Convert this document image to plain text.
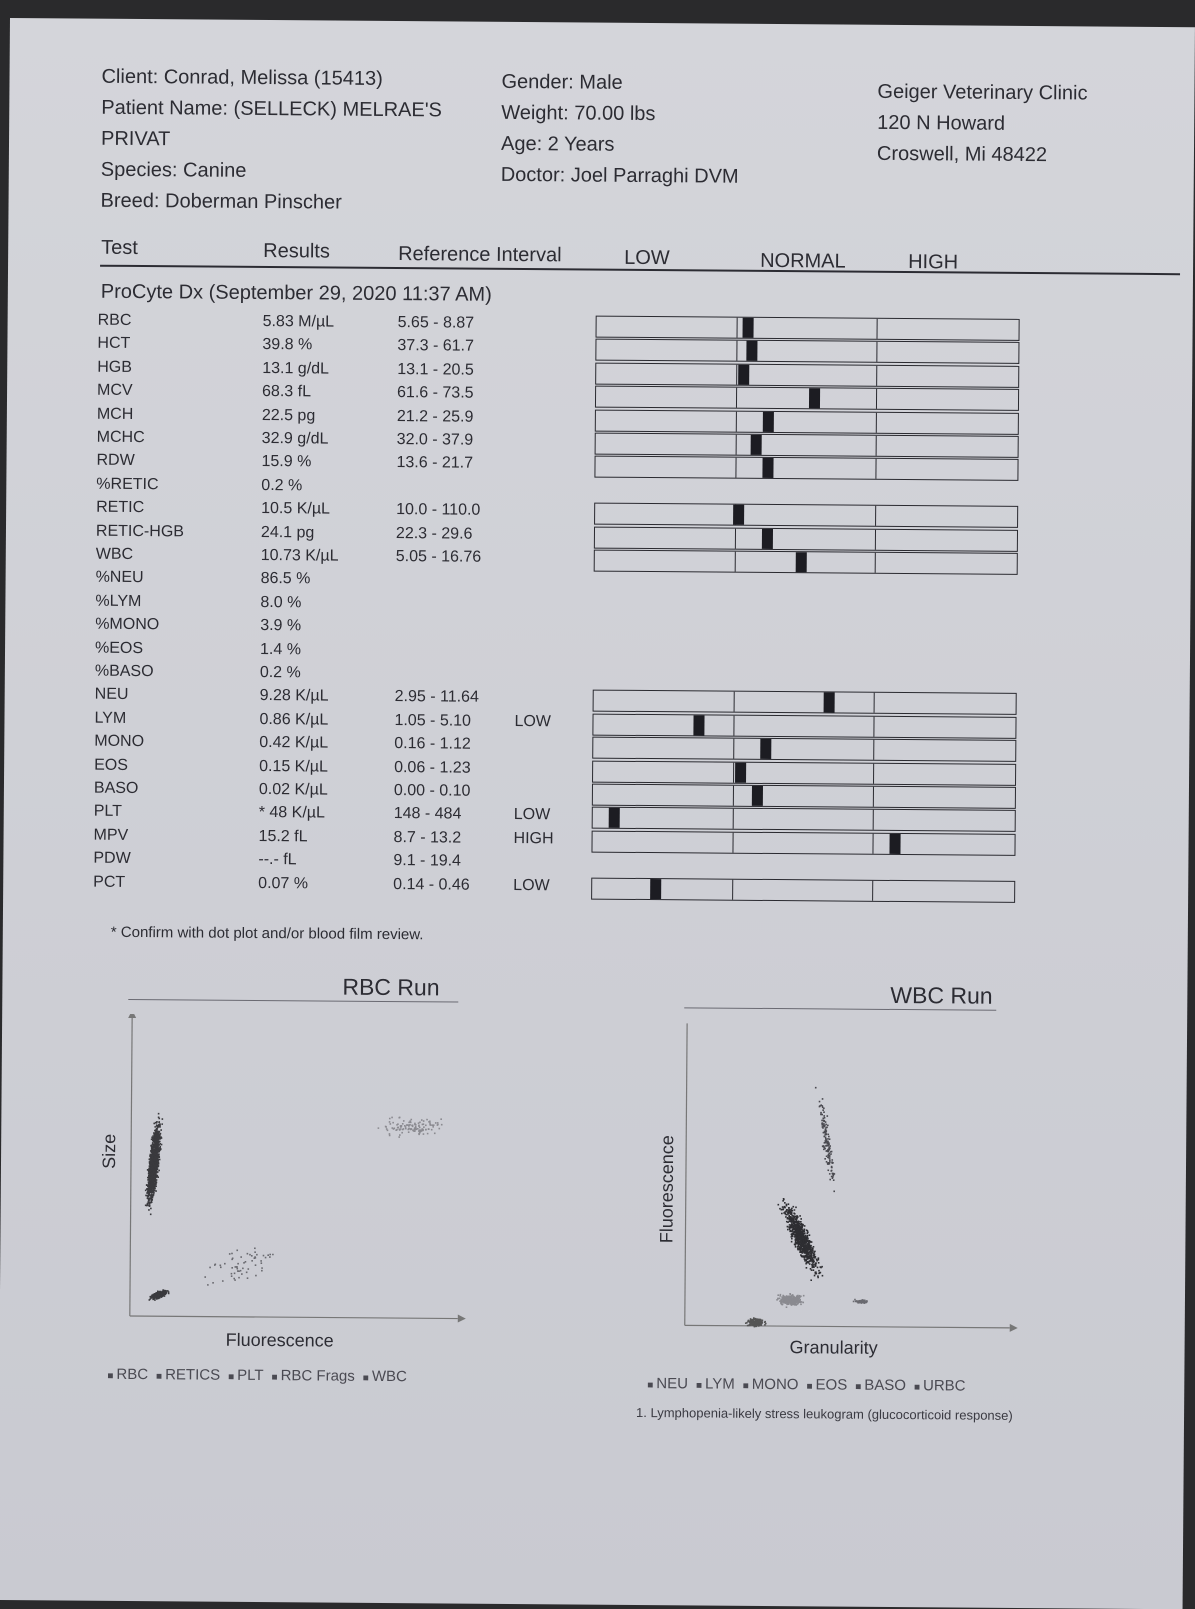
Client: Conrad, Melissa (15413)
Patient Name: (SELLECK) MELRAE'S
PRIVAT
Species: Canine
Breed: Doberman Pinscher
Gender: Male
Weight: 70.00 lbs
Age: 2 Years
Doctor: Joel Parraghi DVM
Geiger Veterinary Clinic
120 N Howard
Croswell, Mi 48422
Test	Results	Reference Interval	LOW	NORMAL	HIGH
ProCyte Dx (September 29, 2020 11:37 AM)
RBC	5.83 M/µL	5.65 - 8.87
HCT	39.8 %	37.3 - 61.7
HGB	13.1 g/dL	13.1 - 20.5
MCV	68.3 fL	61.6 - 73.5
MCH	22.5 pg	21.2 - 25.9
MCHC	32.9 g/dL	32.0 - 37.9
RDW	15.9 %	13.6 - 21.7
%RETIC	0.2 %
RETIC	10.5 K/µL	10.0 - 110.0
RETIC-HGB	24.1 pg	22.3 - 29.6
WBC	10.73 K/µL	5.05 - 16.76
%NEU	86.5 %
%LYM	8.0 %
%MONO	3.9 %
%EOS	1.4 %
%BASO	0.2 %
NEU	9.28 K/µL	2.95 - 11.64
LYM	0.86 K/µL	1.05 - 5.10	LOW
MONO	0.42 K/µL	0.16 - 1.12
EOS	0.15 K/µL	0.06 - 1.23
BASO	0.02 K/µL	0.00 - 0.10
PLT	* 48 K/µL	148 - 484	LOW
MPV	15.2 fL	8.7 - 13.2	HIGH
PDW	--.- fL	9.1 - 19.4
PCT	0.07 %	0.14 - 0.46	LOW
* Confirm with dot plot and/or blood film review.
RBC Run
Fluorescence
Size
■ RBC ■ RETICS ■ PLT ■ RBC Frags ■ WBC
WBC Run
Granularity
Fluorescence
■ NEU ■ LYM ■ MONO ■ EOS ■ BASO ■ URBC
1. Lymphopenia-likely stress leukogram (glucocorticoid response)
